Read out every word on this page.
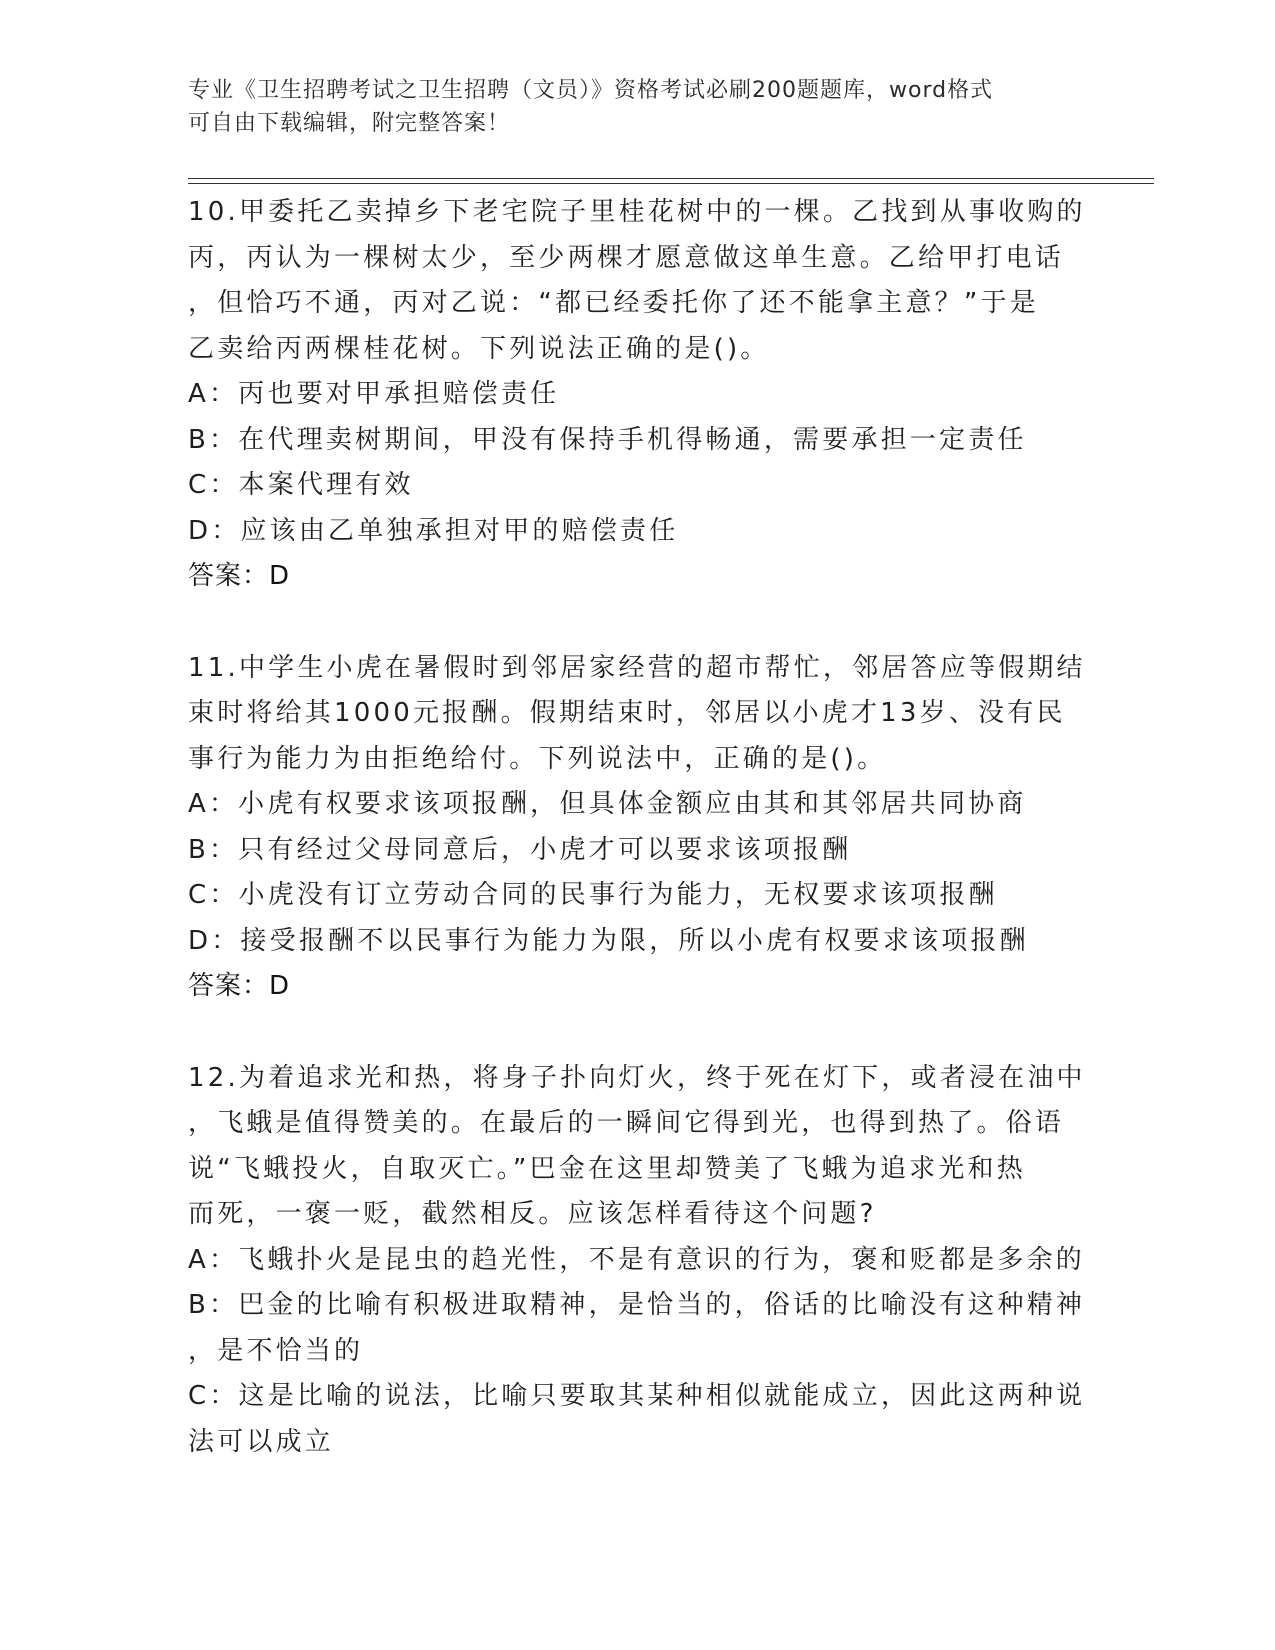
专业《卫生招聘考试之卫生招聘（文员）》资格考试必刷200题题库，word格式
可自由下载编辑，附完整答案！
10.甲委托乙卖掉乡下老宅院子里桂花树中的一棵。乙找到从事收购的
丙，丙认为一棵树太少，至少两棵才愿意做这单生意。乙给甲打电话
，但恰巧不通，丙对乙说：“都已经委托你了还不能拿主意？”于是
乙卖给丙两棵桂花树。下列说法正确的是()。
A：丙也要对甲承担赔偿责任
B：在代理卖树期间，甲没有保持手机得畅通，需要承担一定责任
C：本案代理有效
D：应该由乙单独承担对甲的赔偿责任
答案：D
11.中学生小虎在暑假时到邻居家经营的超市帮忙，邻居答应等假期结
束时将给其1000元报酬。假期结束时，邻居以小虎才13岁、没有民
事行为能力为由拒绝给付。下列说法中，正确的是()。
A：小虎有权要求该项报酬，但具体金额应由其和其邻居共同协商
B：只有经过父母同意后，小虎才可以要求该项报酬
C：小虎没有订立劳动合同的民事行为能力，无权要求该项报酬
D：接受报酬不以民事行为能力为限，所以小虎有权要求该项报酬
答案：D
12.为着追求光和热，将身子扑向灯火，终于死在灯下，或者浸在油中
，飞蛾是值得赞美的。在最后的一瞬间它得到光，也得到热了。俗语
说“飞蛾投火，自取灭亡。”巴金在这里却赞美了飞蛾为追求光和热
而死，一褒一贬，截然相反。应该怎样看待这个问题?
A：飞蛾扑火是昆虫的趋光性，不是有意识的行为，褒和贬都是多余的
B：巴金的比喻有积极进取精神，是恰当的，俗话的比喻没有这种精神
，是不恰当的
C：这是比喻的说法，比喻只要取其某种相似就能成立，因此这两种说
法可以成立
